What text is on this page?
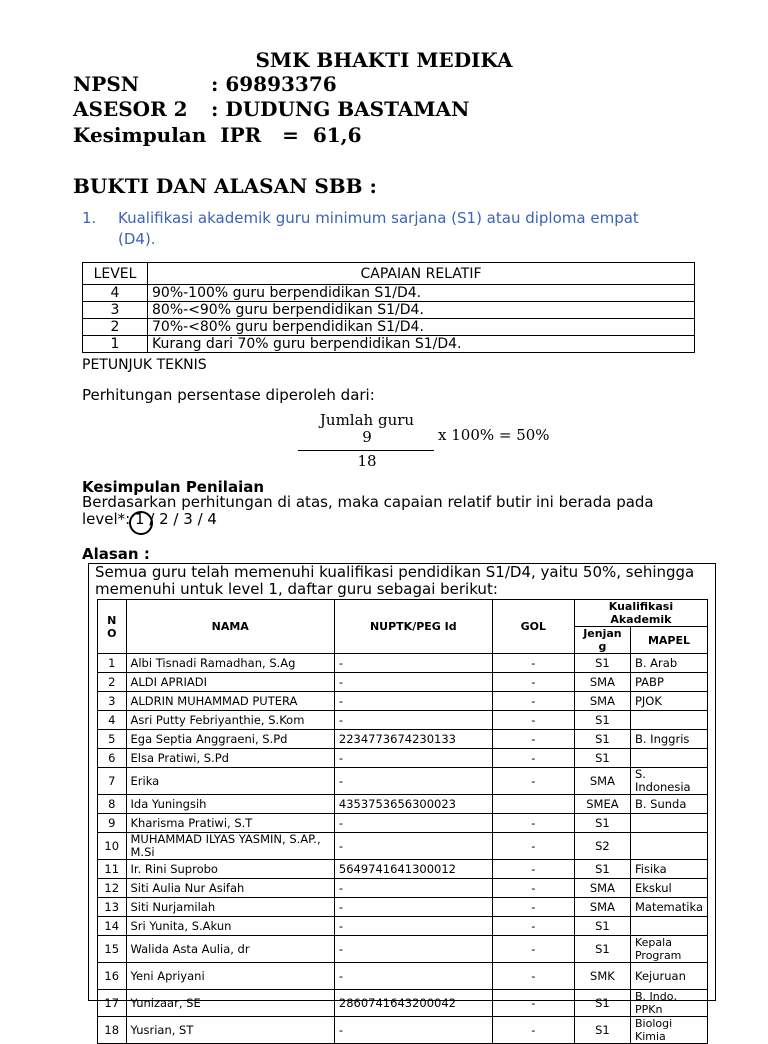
SMK BHAKTI MEDIKA
NPSN	: 69893376
ASESOR 2 : DUDUNG BASTAMAN
Kesimpulan  IPR   =  61,6
BUKTI DAN ALASAN SBB :
1. Kualifikasi akademik guru minimum sarjana (S1) atau diploma empat (D4).
LEVEL	CAPAIAN RELATIF
4	90%-100% guru berpendidikan S1/D4.
3	80%-<90% guru berpendidikan S1/D4.
2	70%-<80% guru berpendidikan S1/D4.
1	Kurang dari 70% guru berpendidikan S1/D4.
PETUNJUK TEKNIS
Perhitungan persentase diperoleh dari:
Jumlah guru
9
18
x 100% = 50%
Kesimpulan Penilaian
Berdasarkan perhitungan di atas, maka capaian relatif butir ini berada pada
level*: 1 / 2 / 3 / 4
Alasan :
Semua guru telah memenuhi kualifikasi pendidikan S1/D4, yaitu 50%, sehingga memenuhi untuk level 1, daftar guru sebagai berikut:
N O	NAMA	NUPTK/PEG Id	GOL	Kualifikasi Akademik	
				Jenjan g	MAPEL
1	Albi Tisnadi Ramadhan, S.Ag	-	-	S1	B. Arab
2	ALDI APRIADI	-	-	SMA	PABP
3	ALDRIN MUHAMMAD PUTERA	-	-	SMA	PJOK
4	Asri Putty Febriyanthie, S.Kom	-	-	S1	
5	Ega Septia Anggraeni, S.Pd	2234773674230133	-	S1	B. Inggris
6	Elsa Pratiwi, S.Pd	-	-	S1	
7	Erika	-	-	SMA	S. Indonesia
8	Ida Yuningsih	4353753656300023		SMEA	B. Sunda
9	Kharisma Pratiwi, S.T	-	-	S1	
10	MUHAMMAD ILYAS YASMIN, S.AP., M.Si	-	-	S2	
11	Ir. Rini Suprobo	5649741641300012	-	S1	Fisika
12	Siti Aulia Nur Asifah	-	-	SMA	Ekskul
13	Siti Nurjamilah	-	-	SMA	Matematika
14	Sri Yunita, S.Akun	-	-	S1	
15	Walida Asta Aulia, dr	-	-	S1	Kepala Program
16	Yeni Apriyani	-	-	SMK	Kejuruan
17	Yunizaar, SE	2860741643200042	-	S1	B. Indo, PPKn
18	Yusrian, ST	-	-	S1	Biologi Kimia
